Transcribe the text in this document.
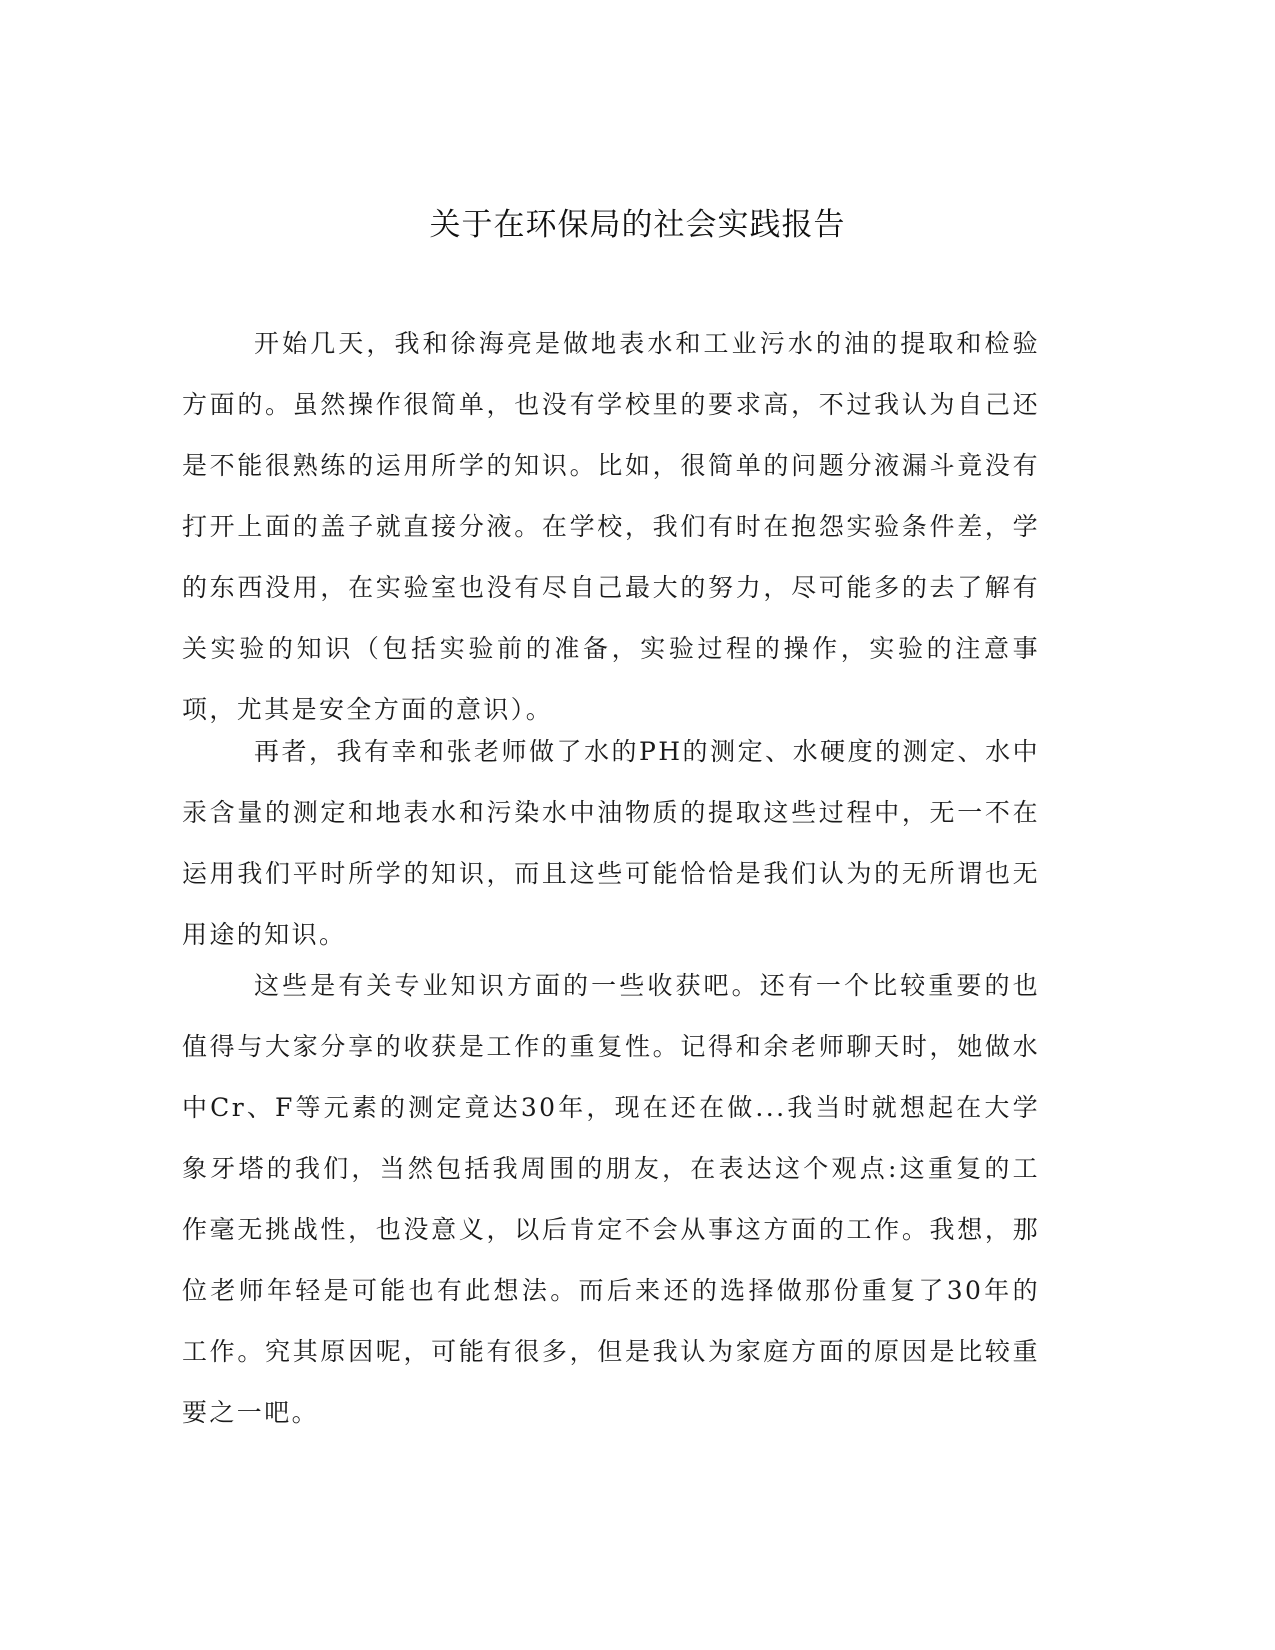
关于在环保局的社会实践报告

开始几天，我和徐海亮是做地表水和工业污水的油的提取和检验方面的。虽然操作很简单，也没有学校里的要求高，不过我认为自己还是不能很熟练的运用所学的知识。比如，很简单的问题分液漏斗竟没有打开上面的盖子就直接分液。在学校，我们有时在抱怨实验条件差，学的东西没用，在实验室也没有尽自己最大的努力，尽可能多的去了解有关实验的知识（包括实验前的准备，实验过程的操作，实验的注意事项，尤其是安全方面的意识）。

再者，我有幸和张老师做了水的PH的测定、水硬度的测定、水中汞含量的测定和地表水和污染水中油物质的提取这些过程中，无一不在运用我们平时所学的知识，而且这些可能恰恰是我们认为的无所谓也无用途的知识。

这些是有关专业知识方面的一些收获吧。还有一个比较重要的也值得与大家分享的收获是工作的重复性。记得和余老师聊天时，她做水中Cr、F等元素的测定竟达30年，现在还在做...我当时就想起在大学象牙塔的我们，当然包括我周围的朋友，在表达这个观点:这重复的工作毫无挑战性，也没意义，以后肯定不会从事这方面的工作。我想，那位老师年轻是可能也有此想法。而后来还的选择做那份重复了30年的工作。究其原因呢，可能有很多，但是我认为家庭方面的原因是比较重要之一吧。
